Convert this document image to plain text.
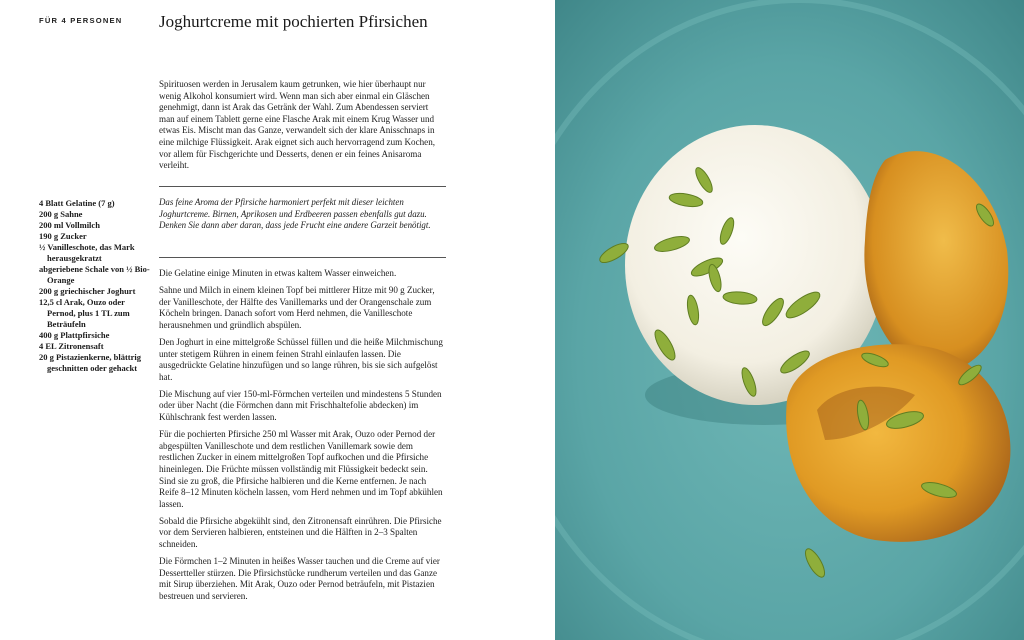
FÜR 4 PERSONEN Joghurtcreme mit pochierten Pfirsichen

Spirituosen werden in Jerusalem kaum getrunken, wie hier überhaupt nur wenig Alkohol konsumiert wird. Wenn man sich aber einmal ein Gläschen genehmigt, dann ist Arak das Getränk der Wahl. Zum Abendessen serviert man auf einem Tablett gerne eine Flasche Arak mit einem Krug Wasser und etwas Eis. Mischt man das Ganze, verwandelt sich der klare Anisschnaps in eine milchige Flüssigkeit. Arak eignet sich auch hervorragend zum Kochen, vor allem für Fischgerichte und Desserts, denen er ein feines Anisaroma verleiht.

Das feine Aroma der Pfirsiche harmoniert perfekt mit dieser leichten Joghurtcreme. Birnen, Aprikosen und Erdbeeren passen ebenfalls gut dazu. Denken Sie dann aber daran, dass jede Frucht eine andere Garzeit benötigt.

4 Blatt Gelatine (7 g)
200 g Sahne
200 ml Vollmilch
190 g Zucker
½ Vanilleschote, das Mark herausgekratzt
abgeriebene Schale von ½ Bio-Orange
200 g griechischer Joghurt
12,5 cl Arak, Ouzo oder Pernod, plus 1 TL zum Beträufeln
400 g Plattpfirsiche
4 EL Zitronensaft
20 g Pistazienkerne, blättrig geschnitten oder gehackt

Die Gelatine einige Minuten in etwas kaltem Wasser einweichen.

Sahne und Milch in einem kleinen Topf bei mittlerer Hitze mit 90 g Zucker, der Vanilleschote, der Hälfte des Vanillemarks und der Orangenschale zum Köcheln bringen. Danach sofort vom Herd nehmen, die Vanilleschote herausnehmen und gründlich abspülen.

Den Joghurt in eine mittelgroße Schüssel füllen und die heiße Milchmischung unter stetigem Rühren in einem feinen Strahl einlaufen lassen. Die ausgedrückte Gelatine hinzufügen und so lange rühren, bis sie sich aufgelöst hat.

Die Mischung auf vier 150-ml-Förmchen verteilen und mindestens 5 Stunden oder über Nacht (die Förmchen dann mit Frischhaltefolie abdecken) im Kühlschrank fest werden lassen.

Für die pochierten Pfirsiche 250 ml Wasser mit Arak, Ouzo oder Pernod der abgespülten Vanilleschote und dem restlichen Vanillemark sowie dem restlichen Zucker in einem mittelgroßen Topf aufkochen und die Pfirsiche hineinlegen. Die Früchte müssen vollständig mit Flüssigkeit bedeckt sein. Sind sie zu groß, die Pfirsiche halbieren und die Kerne entfernen. Je nach Reife 8–12 Minuten köcheln lassen, vom Herd nehmen und im Topf abkühlen lassen.

Sobald die Pfirsiche abgekühlt sind, den Zitronensaft einrühren. Die Pfirsiche vor dem Servieren halbieren, entsteinen und die Hälften in 2–3 Spalten schneiden.

Die Förmchen 1–2 Minuten in heißes Wasser tauchen und die Creme auf vier Dessertteller stürzen. Die Pfirsichstücke rundherum verteilen und das Ganze mit Sirup überziehen. Mit Arak, Ouzo oder Pernod beträufeln, mit Pistazien bestreuen und servieren.
